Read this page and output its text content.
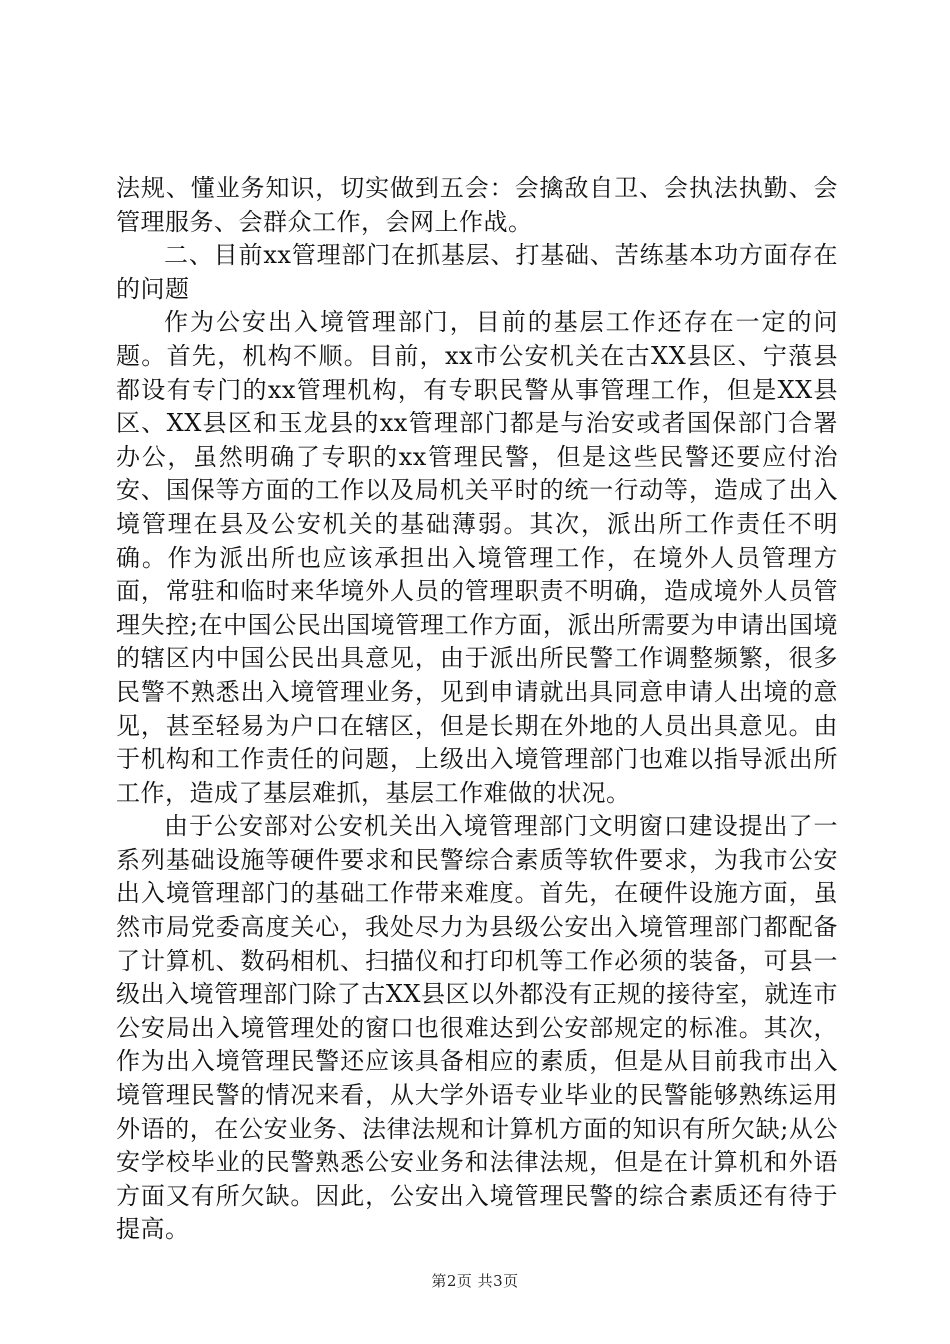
法规、懂业务知识，切实做到五会：会擒敌自卫、会执法执勤、会管理服务、会群众工作，会网上作战。

二、目前xx管理部门在抓基层、打基础、苦练基本功方面存在的问题

作为公安出入境管理部门，目前的基层工作还存在一定的问题。首先，机构不顺。目前，xx市公安机关在古XX县区、宁蒗县都设有专门的xx管理机构，有专职民警从事管理工作，但是XX县区、XX县区和玉龙县的xx管理部门都是与治安或者国保部门合署办公，虽然明确了专职的xx管理民警，但是这些民警还要应付治安、国保等方面的工作以及局机关平时的统一行动等，造成了出入境管理在县及公安机关的基础薄弱。其次，派出所工作责任不明确。作为派出所也应该承担出入境管理工作，在境外人员管理方面，常驻和临时来华境外人员的管理职责不明确，造成境外人员管理失控;在中国公民出国境管理工作方面，派出所需要为申请出国境的辖区内中国公民出具意见，由于派出所民警工作调整频繁，很多民警不熟悉出入境管理业务，见到申请就出具同意申请人出境的意见，甚至轻易为户口在辖区，但是长期在外地的人员出具意见。由于机构和工作责任的问题，上级出入境管理部门也难以指导派出所工作，造成了基层难抓，基层工作难做的状况。

由于公安部对公安机关出入境管理部门文明窗口建设提出了一系列基础设施等硬件要求和民警综合素质等软件要求，为我市公安出入境管理部门的基础工作带来难度。首先，在硬件设施方面，虽然市局党委高度关心，我处尽力为县级公安出入境管理部门都配备了计算机、数码相机、扫描仪和打印机等工作必须的装备，可县一级出入境管理部门除了古XX县区以外都没有正规的接待室，就连市公安局出入境管理处的窗口也很难达到公安部规定的标准。其次，作为出入境管理民警还应该具备相应的素质，但是从目前我市出入境管理民警的情况来看，从大学外语专业毕业的民警能够熟练运用外语的，在公安业务、法律法规和计算机方面的知识有所欠缺;从公安学校毕业的民警熟悉公安业务和法律法规，但是在计算机和外语方面又有所欠缺。因此，公安出入境管理民警的综合素质还有待于提高。

第2页 共3页
